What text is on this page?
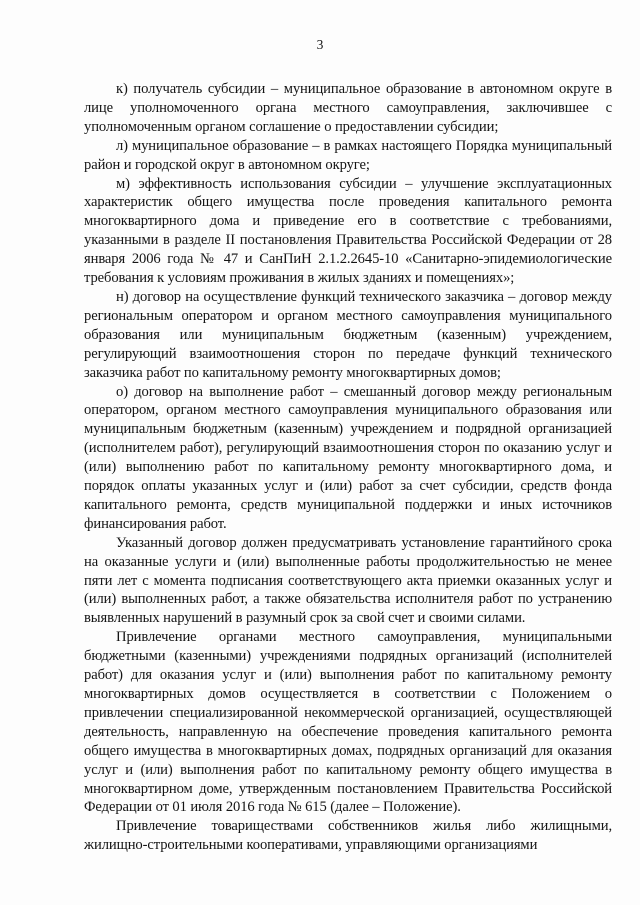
3

к) получатель субсидии – муниципальное образование в автономном округе в лице уполномоченного органа местного самоуправления, заключившее с уполномоченным органом соглашение о предоставлении субсидии;

л) муниципальное образование – в рамках настоящего Порядка муниципальный район и городской округ в автономном округе;

м) эффективность использования субсидии – улучшение эксплуатационных характеристик общего имущества после проведения капитального ремонта многоквартирного дома и приведение его в соответствие с требованиями, указанными в разделе II постановления Правительства Российской Федерации от 28 января 2006 года № 47 и СанПиН 2.1.2.2645-10 «Санитарно-эпидемиологические требования к условиям проживания в жилых зданиях и помещениях»;

н) договор на осуществление функций технического заказчика – договор между региональным оператором и органом местного самоуправления муниципального образования или муниципальным бюджетным (казенным) учреждением, регулирующий взаимоотношения сторон по передаче функций технического заказчика работ по капитальному ремонту многоквартирных домов;

о) договор на выполнение работ – смешанный договор между региональным оператором, органом местного самоуправления муниципального образования или муниципальным бюджетным (казенным) учреждением и подрядной организацией (исполнителем работ), регулирующий взаимоотношения сторон по оказанию услуг и (или) выполнению работ по капитальному ремонту многоквартирного дома, и порядок оплаты указанных услуг и (или) работ за счет субсидии, средств фонда капитального ремонта, средств муниципальной поддержки и иных источников финансирования работ.

Указанный договор должен предусматривать установление гарантийного срока на оказанные услуги и (или) выполненные работы продолжительностью не менее пяти лет с момента подписания соответствующего акта приемки оказанных услуг и (или) выполненных работ, а также обязательства исполнителя работ по устранению выявленных нарушений в разумный срок за свой счет и своими силами.

Привлечение органами местного самоуправления, муниципальными бюджетными (казенными) учреждениями подрядных организаций (исполнителей работ) для оказания услуг и (или) выполнения работ по капитальному ремонту многоквартирных домов осуществляется в соответствии с Положением о привлечении специализированной некоммерческой организацией, осуществляющей деятельность, направленную на обеспечение проведения капитального ремонта общего имущества в многоквартирных домах, подрядных организаций для оказания услуг и (или) выполнения работ по капитальному ремонту общего имущества в многоквартирном доме, утвержденным постановлением Правительства Российской Федерации от 01 июля 2016 года № 615 (далее – Положение).

Привлечение товариществами собственников жилья либо жилищными, жилищно-строительными кооперативами, управляющими организациями
